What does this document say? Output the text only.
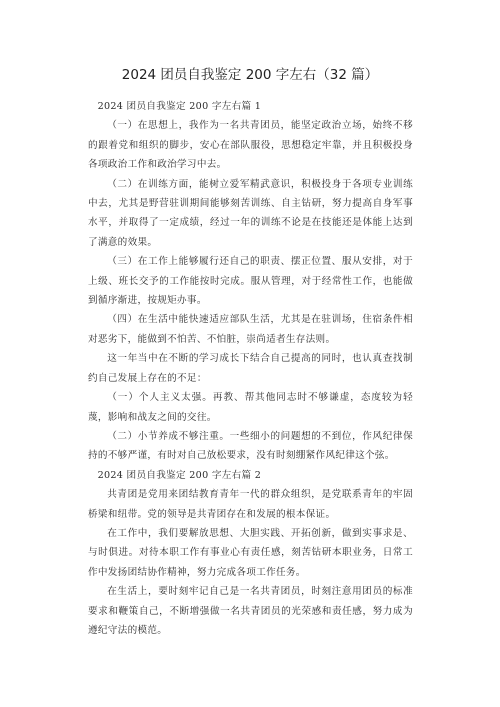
2024 团员自我鉴定 200 字左右（32 篇）

2024 团员自我鉴定 200 字左右篇 1

（一）在思想上，我作为一名共青团员，能坚定政治立场，始终不移的跟着党和组织的脚步，安心在部队服役，思想稳定牢靠，并且积极投身各项政治工作和政治学习中去。

（二）在训练方面，能树立爱军精武意识，积极投身于各项专业训练中去，尤其是野营驻训期间能够刻苦训练、自主钻研，努力提高自身军事水平，并取得了一定成绩，经过一年的训练不论是在技能还是体能上达到了满意的效果。

（三）在工作上能够履行还自己的职责、摆正位置、服从安排，对于上级、班长交予的工作能按时完成。服从管理，对于经常性工作，也能做到循序渐进，按规矩办事。

（四）在生活中能快速适应部队生活，尤其是在驻训场，住宿条件相对恶劣下，能做到不怕苦、不怕脏，崇尚适者生存法则。

这一年当中在不断的学习成长下结合自己提高的同时，也认真查找制约自己发展上存在的不足：

（一）个人主义太强。再教、帮其他同志时不够谦虚，态度较为轻蔑，影响和战友之间的交往。

（二）小节养成不够注重。一些细小的问题想的不到位，作风纪律保持的不够严谨，有时对自己放松要求，没有时刻绷紧作风纪律这个弦。

2024 团员自我鉴定 200 字左右篇 2

共青团是党用来团结教育青年一代的群众组织，是党联系青年的牢固桥梁和纽带。党的领导是共青团存在和发展的根本保证。

在工作中，我们要解放思想、大胆实践、开拓创新，做到实事求是、与时俱进。对待本职工作有事业心有责任感，刻苦钻研本职业务，日常工作中发扬团结协作精神，努力完成各项工作任务。

在生活上，要时刻牢记自己是一名共青团员，时刻注意用团员的标准要求和鞭策自己，不断增强做一名共青团员的光荣感和责任感，努力成为遵纪守法的模范。
